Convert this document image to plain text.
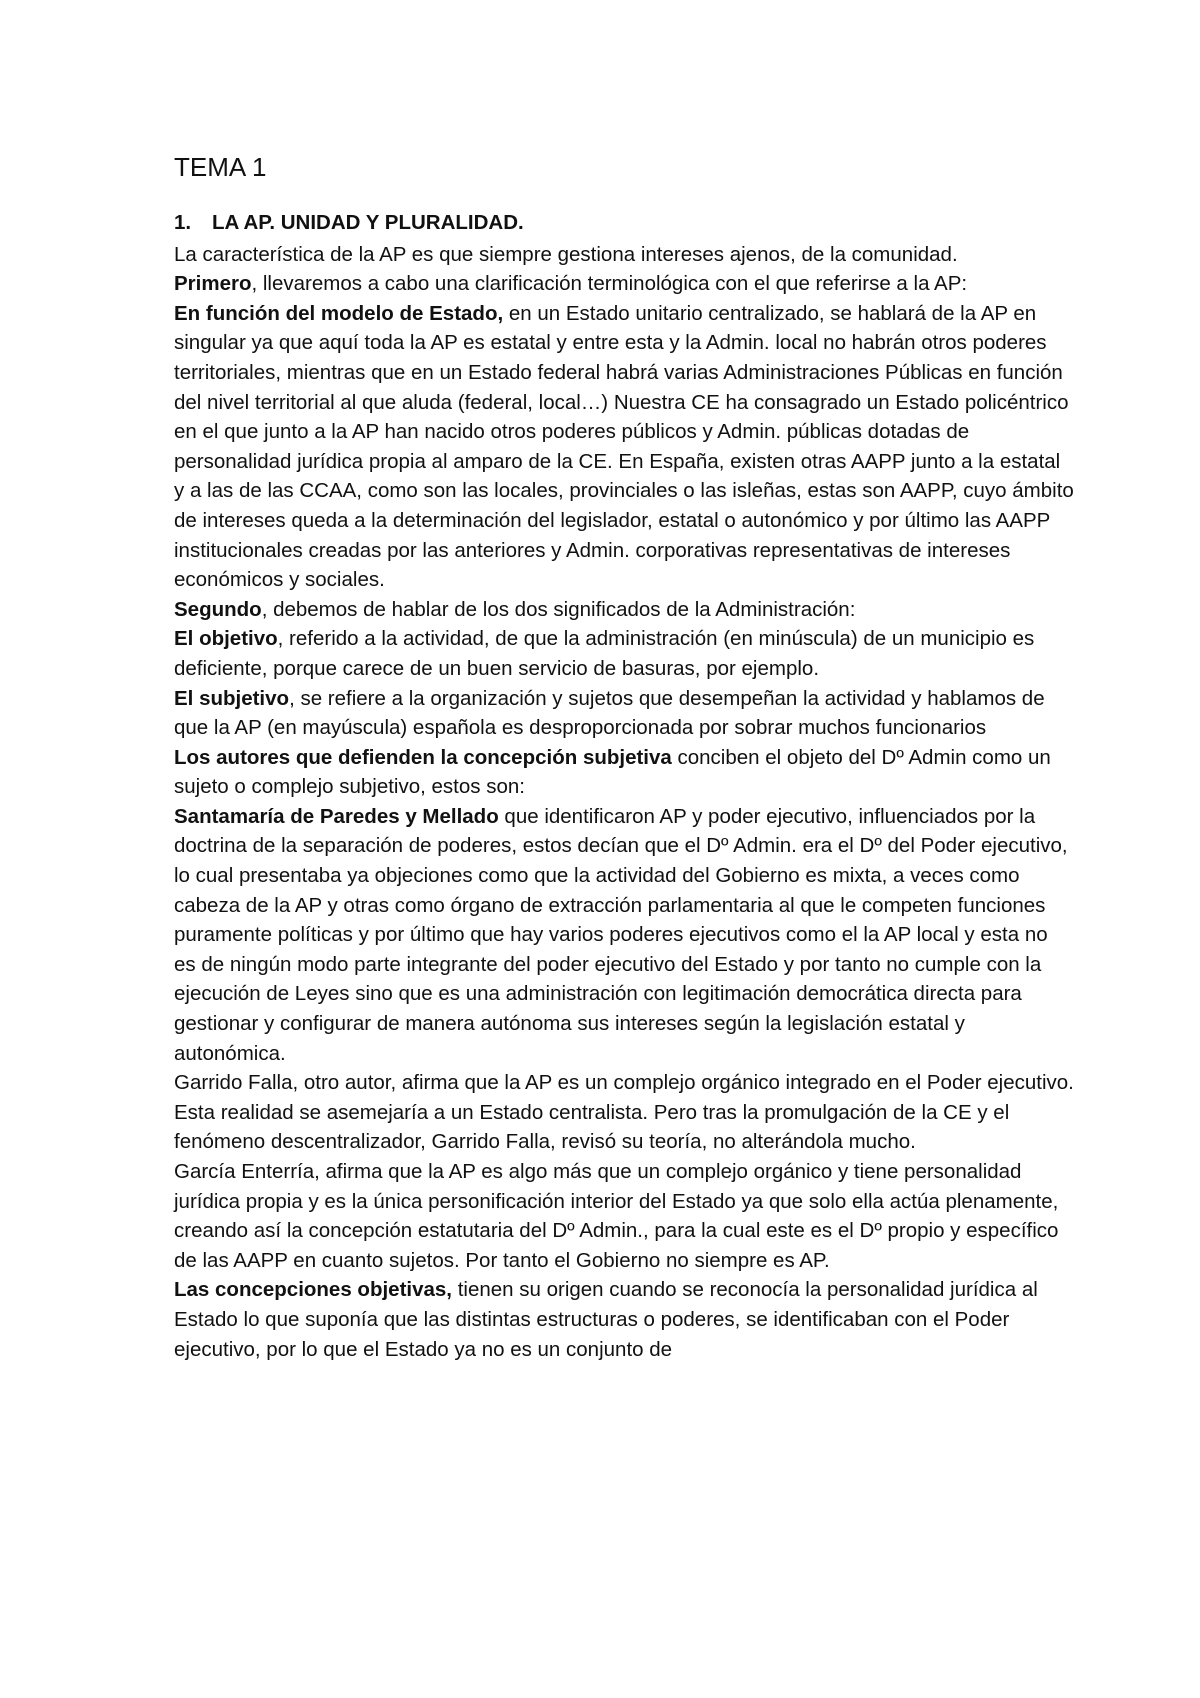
TEMA 1
1. LA AP. UNIDAD Y PLURALIDAD.

La característica de la AP es que siempre gestiona intereses ajenos, de la comunidad.

Primero, llevaremos a cabo una clarificación terminológica con el que referirse a la AP:

En función del modelo de Estado, en un Estado unitario centralizado, se hablará de la AP en singular ya que aquí toda la AP es estatal y entre esta y la Admin. local no habrán otros poderes territoriales, mientras que en un Estado federal habrá varias Administraciones Públicas en función del nivel territorial al que aluda (federal, local…) Nuestra CE ha consagrado un Estado policéntrico en el que junto a la AP han nacido otros poderes públicos y Admin. públicas dotadas de personalidad jurídica propia al amparo de la CE. En España, existen otras AAPP junto a la estatal y a las de las CCAA, como son las locales, provinciales o las isleñas, estas son AAPP, cuyo ámbito de intereses queda a la determinación del legislador, estatal o autonómico y por último las AAPP institucionales creadas por las anteriores y Admin. corporativas representativas de intereses económicos y sociales.

Segundo, debemos de hablar de los dos significados de la Administración:

El objetivo, referido a la actividad, de que la administración (en minúscula) de un municipio es deficiente, porque carece de un buen servicio de basuras, por ejemplo.

El subjetivo, se refiere a la organización y sujetos que desempeñan la actividad y hablamos de que la AP (en mayúscula) española es desproporcionada por sobrar muchos funcionarios

Los autores que defienden la concepción subjetiva conciben el objeto del Dº Admin como un sujeto o complejo subjetivo, estos son:

Santamaría de Paredes y Mellado que identificaron AP y poder ejecutivo, influenciados por la doctrina de la separación de poderes, estos decían que el Dº Admin. era el Dº del Poder ejecutivo, lo cual presentaba ya objeciones como que la actividad del Gobierno es mixta, a veces como cabeza de la AP y otras como órgano de extracción parlamentaria al que le competen funciones puramente políticas y por último que hay varios poderes ejecutivos como el la AP local y esta no es de ningún modo parte integrante del poder ejecutivo del Estado y por tanto no cumple con la ejecución de Leyes sino que es una administración con legitimación democrática directa para gestionar y configurar de manera autónoma sus intereses según la legislación estatal y autonómica.

Garrido Falla, otro autor, afirma que la AP es un complejo orgánico integrado en el Poder ejecutivo. Esta realidad se asemejaría a un Estado centralista. Pero tras la promulgación de la CE y el fenómeno descentralizador, Garrido Falla, revisó su teoría, no alterándola mucho.

García Enterría, afirma que la AP es algo más que un complejo orgánico y tiene personalidad jurídica propia y es la única personificación interior del Estado ya que solo ella actúa plenamente, creando así la concepción estatutaria del Dº Admin., para la cual este es el Dº propio y específico de las AAPP en cuanto sujetos. Por tanto el Gobierno no siempre es AP.

Las concepciones objetivas, tienen su origen cuando se reconocía la personalidad jurídica al Estado lo que suponía que las distintas estructuras o poderes, se identificaban con el Poder ejecutivo, por lo que el Estado ya no es un conjunto de
